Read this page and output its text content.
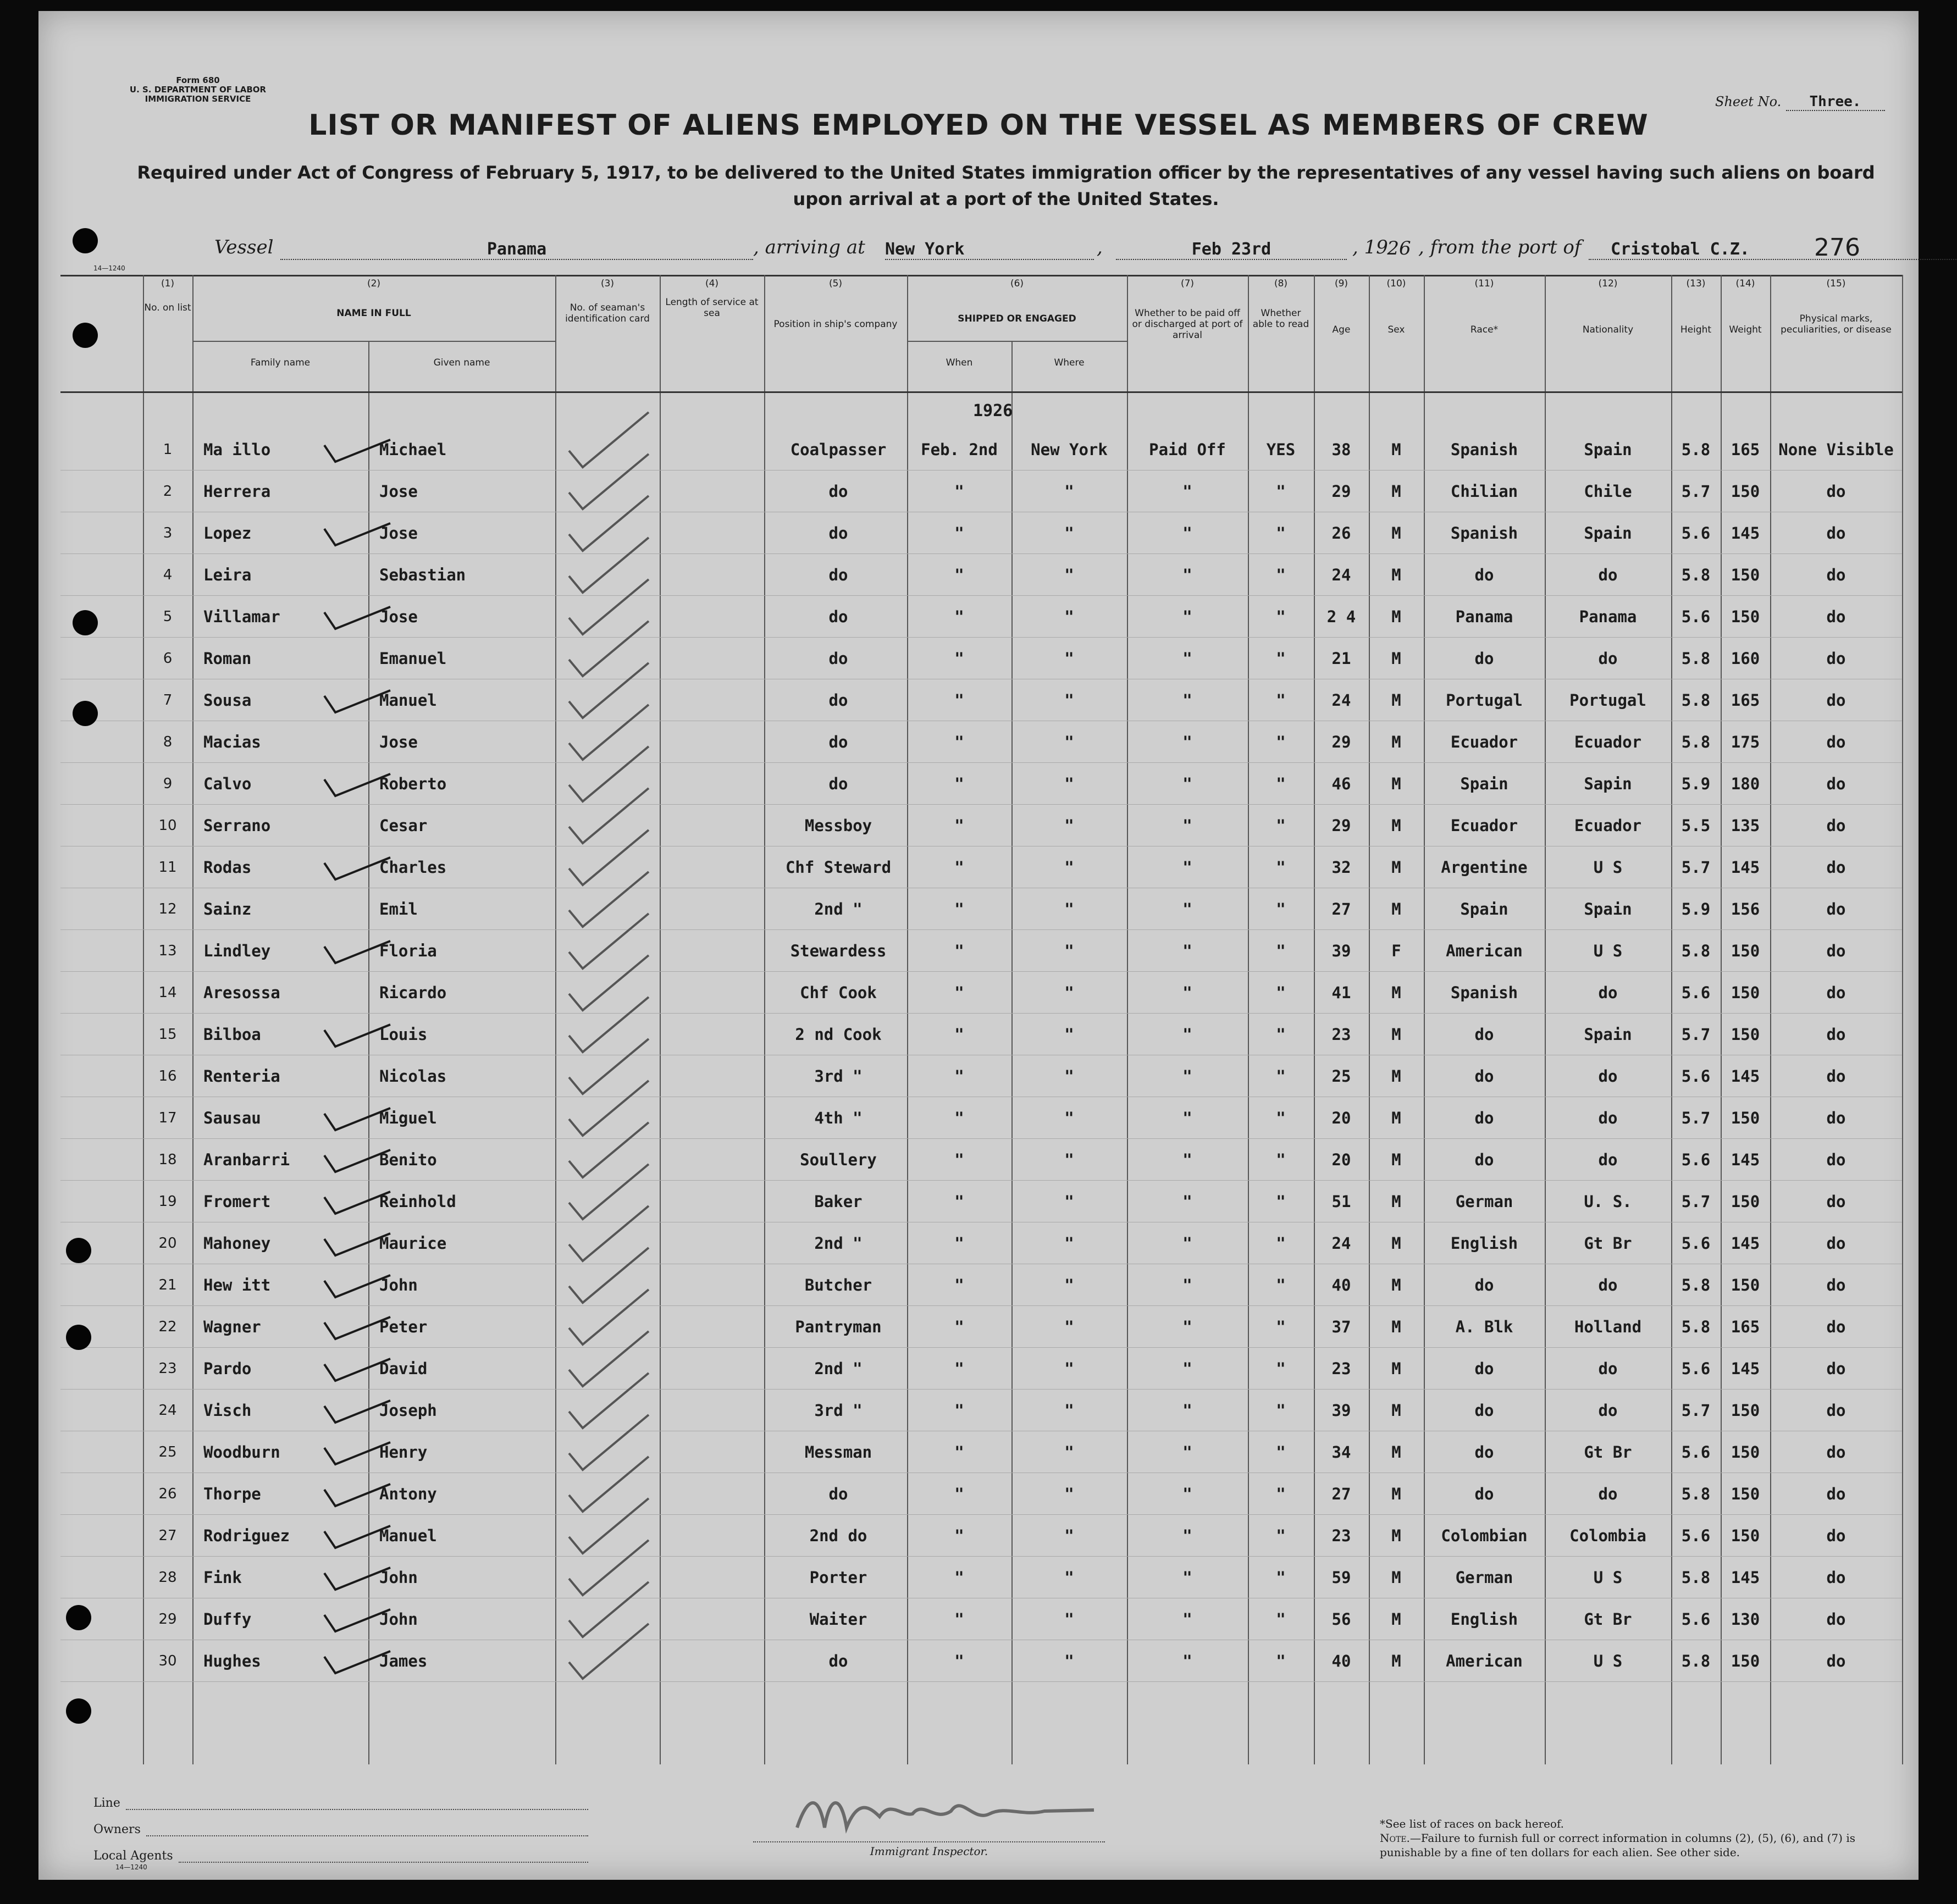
Form 680
U. S. DEPARTMENT OF LABOR
IMMIGRATION SERVICE	Sheet No. Three.
LIST OR MANIFEST OF ALIENS EMPLOYED ON THE VESSEL AS MEMBERS OF CREW
Required under Act of Congress of February 5, 1917, to be delivered to the United States immigration officer by the representatives of any vessel having such aliens on board upon arrival at a port of the United States.
Vessel	Panama	, arriving at New York	,	Feb 23rd	, 19
26 , from the port of	Cristobal C.Z.	276
14—1240
(1)	(2)	(3)	(4)	(5)	(6)	(7)	(8)	(9)	(10)	(11)	(12)	(13)	(14)	(15)
No. on list	NAME IN FULL
Family name	Given name
No. of seaman's identification card
Length of service at sea
Position in ship's company	SHIPPED OR ENGAGED
When	Where
Whether to be paid off or discharged at port of arrival
Whether able to read	Age	Sex	Race*	Nationality	Height	Weight
Physical marks, peculiarities, or disease
1926
1	Ma illo	Michael	Coalpasser	Feb. 2nd	New York	Paid Off	YES	38	M	Spanish	Spain	5.8	165	None Visible
2	Herrera	Jose	do	"	"	"	"	29	M	Chilian	Chile	5.7	150	do
3	Lopez	Jose	do	"	"	"	"	26	M	Spanish	Spain	5.6	145	do
4	Leira	Sebastian	do	"	"	"	"	24	M	do	do	5.8	150	do
5	Villamar	Jose	do	"	"	"	"	2 4	M	Panama	Panama	5.6	150	do
6	Roman	Emanuel	do	"	"	"	"	21	M	do	do	5.8	160	do
7	Sousa	Manuel	do	"	"	"	"	24	M	Portugal	Portugal	5.8	165	do
8	Macias	Jose	do	"	"	"	"	29	M	Ecuador	Ecuador	5.8	175	do
9	Calvo	Roberto	do	"	"	"	"	46	M	Spain	Sapin	5.9	180	do
10	Serrano	Cesar	Messboy	"	"	"	"	29	M	Ecuador	Ecuador	5.5	135	do
11	Rodas	Charles	Chf Steward	"	"	"	"	32	M	Argentine	U S	5.7	145	do
12	Sainz	Emil	2nd "	"	"	"	"	27	M	Spain	Spain	5.9	156	do
13	Lindley	Floria	Stewardess	"	"	"	"	39	F	American	U S	5.8	150	do
14	Aresossa	Ricardo	Chf Cook	"	"	"	"	41	M	Spanish	do	5.6	150	do
15	Bilboa	Louis	2 nd Cook	"	"	"	"	23	M	do	Spain	5.7	150	do
16	Renteria	Nicolas	3rd "	"	"	"	"	25	M	do	do	5.6	145	do
17	Sausau	Miguel	4th "	"	"	"	"	20	M	do	do	5.7	150	do
18	Aranbarri	Benito	Soullery	"	"	"	"	20	M	do	do	5.6	145	do
19	Fromert	Reinhold	Baker	"	"	"	"	51	M	German	U. S.	5.7	150	do
20	Mahoney	Maurice	2nd "	"	"	"	"	24	M	English	Gt Br	5.6	145	do
21	Hew itt	John	Butcher	"	"	"	"	40	M	do	do	5.8	150	do
22	Wagner	Peter	Pantryman	"	"	"	"	37	M	A. Blk	Holland	5.8	165	do
23	Pardo	David	2nd "	"	"	"	"	23	M	do	do	5.6	145	do
24	Visch	Joseph	3rd "	"	"	"	"	39	M	do	do	5.7	150	do
25	Woodburn	Henry	Messman	"	"	"	"	34	M	do	Gt Br	5.6	150	do
26	Thorpe	Antony	do	"	"	"	"	27	M	do	do	5.8	150	do
27	Rodriguez	Manuel	2nd do	"	"	"	"	23	M	Colombian	Colombia	5.6	150	do
28	Fink	John	Porter	"	"	"	"	59	M	German	U S	5.8	145	do
29	Duffy	John	Waiter	"	"	"	"	56	M	English	Gt Br	5.6	130	do
30	Hughes	James	do	"	"	"	"	40	M	American	U S	5.8	150	do
Line
Owners
Local Agents
14—1240
Immigrant Inspector.
*See list of races on back hereof.
Note.—Failure to furnish full or correct information in columns (2), (5), (6), and (7) is punishable by a fine of ten dollars for each alien. See other side.
